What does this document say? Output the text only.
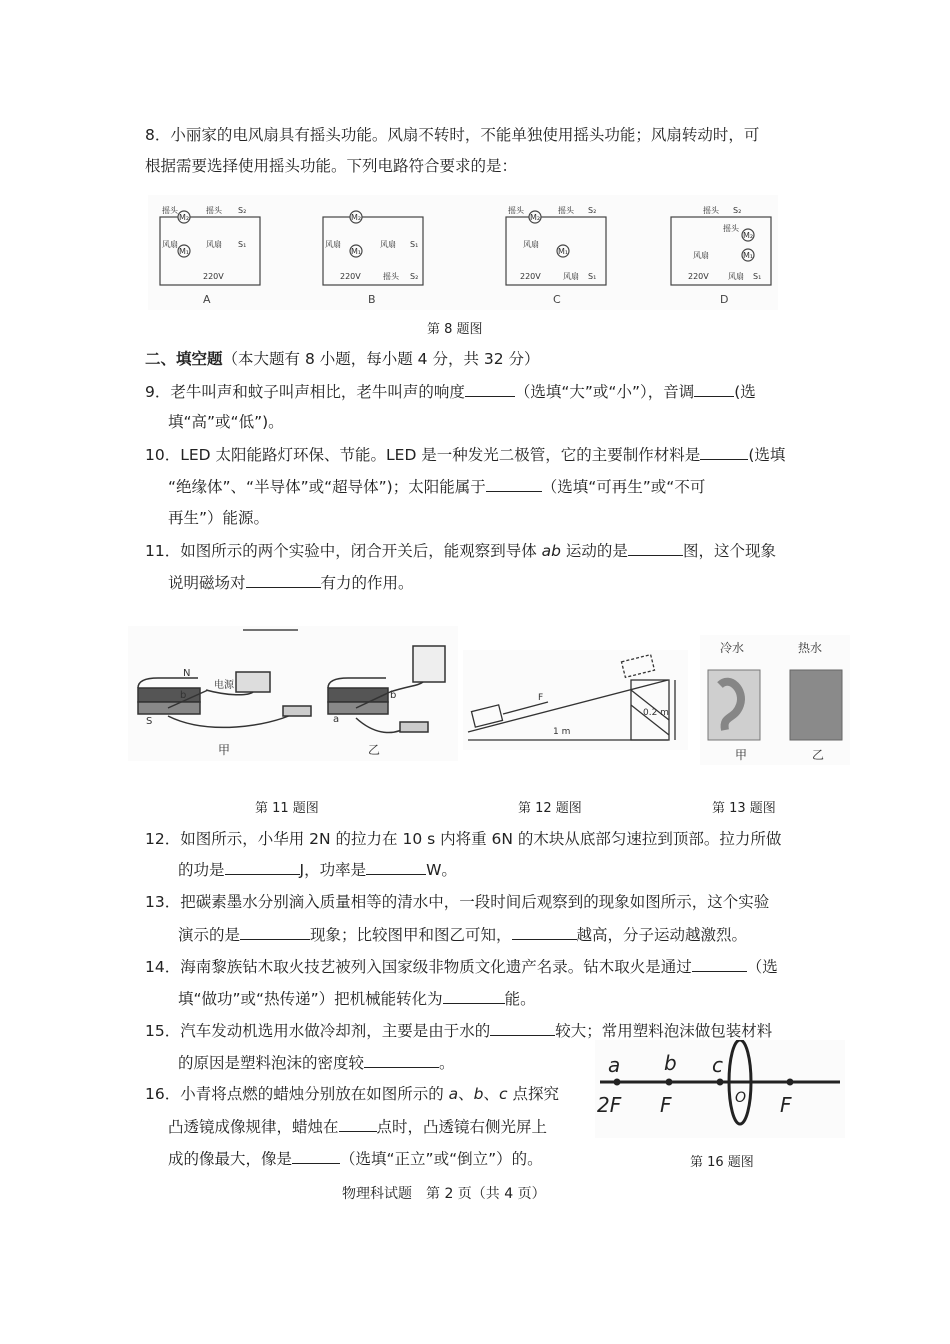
8．小丽家的电风扇具有摇头功能。风扇不转时，不能单独使用摇头功能；风扇转动时，可
根据需要选择使用摇头功能。下列电路符合要求的是：
摇头
M₂
摇头 S₂
风扇
M₁
风扇 S₁
220V
M₂
风扇
M₁
风扇 S₁
220V	摇头 S₂
摇头
M₂
摇头 S₂
风扇
M₁
220V	风扇 S₁
摇头 S₂
摇头
M₂
风扇	M₁
220V 风扇 S₁
A	B	C	D
第 8 题图
二、填空题（本大题有 8 小题，每小题 4 分，共 32 分）
9．老牛叫声和蚊子叫声相比，老牛叫声的响度	（选填“大”或“小”），音调	(选
填“高”或“低”)。
10．LED 太阳能路灯环保、节能。LED 是一种发光二极管，它的主要制作材料是	(选填
“绝缘体”、“半导体”或“超导体”)；太阳能属于	（选填“可再生”或“不可
再生”）能源。
11．如图所示的两个实验中，闭合开关后，能观察到导体 ab 运动的是	图，这个现象
说明磁场对	有力的作用。
N
S
b
电源
b
a
甲	乙
F
1 m
0.2 m
冷水	热水
甲	乙
第 11 题图	第 12 题图	第 13 题图
12．如图所示，小华用 2N 的拉力在 10 s 内将重 6N 的木块从底部匀速拉到顶部。拉力所做
的功是	J，功率是	W。
13．把碳素墨水分别滴入质量相等的清水中，一段时间后观察到的现象如图所示，这个实验
演示的是	现象；比较图甲和图乙可知，	越高，分子运动越激烈。
14．海南黎族钻木取火技艺被列入国家级非物质文化遗产名录。钻木取火是通过	（选
填“做功”或“热传递”）把机械能转化为	能。
15．汽车发动机选用水做冷却剂，主要是由于水的	较大；常用塑料泡沫做包装材料
的原因是塑料泡沫的密度较	。
16．小青将点燃的蜡烛分别放在如图所示的 a、b、c 点探究
凸透镜成像规律，蜡烛在 点时，凸透镜右侧光屏上
成的像最大，像是	（选填“正立”或“倒立”）的。
a b c
2F F	O F
第 16 题图
物理科试题　第 2 页（共 4 页）
